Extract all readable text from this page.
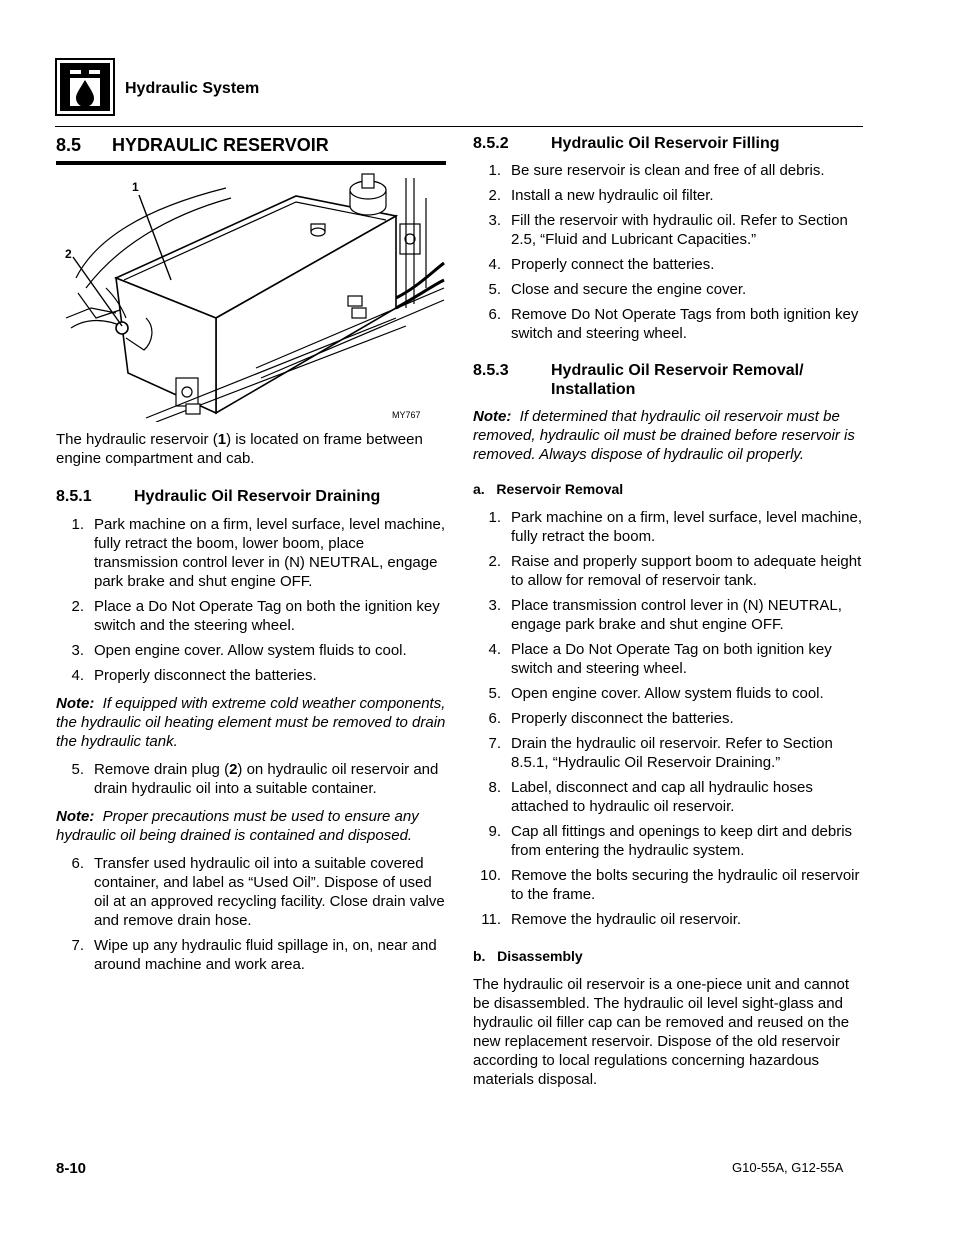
Hydraulic System
8.5	HYDRAULIC RESERVOIR
1
2
MY767

The hydraulic reservoir (1) is located on frame between engine compartment and cab.

8.5.1	Hydraulic Oil Reservoir Draining
1. Park machine on a firm, level surface, level machine, fully retract the boom, lower boom, place transmission control lever in (N) NEUTRAL, engage park brake and shut engine OFF.
2. Place a Do Not Operate Tag on both the ignition key switch and the steering wheel.
3. Open engine cover. Allow system fluids to cool.
4. Properly disconnect the batteries.

Note: If equipped with extreme cold weather components, the hydraulic oil heating element must be removed to drain the hydraulic tank.

5. Remove drain plug (2) on hydraulic oil reservoir and drain hydraulic oil into a suitable container.

Note: Proper precautions must be used to ensure any hydraulic oil being drained is contained and disposed.

6. Transfer used hydraulic oil into a suitable covered container, and label as “Used Oil”. Dispose of used oil at an approved recycling facility. Close drain valve and remove drain hose.
7. Wipe up any hydraulic fluid spillage in, on, near and around machine and work area.
8.5.2	Hydraulic Oil Reservoir Filling
1. Be sure reservoir is clean and free of all debris.
2. Install a new hydraulic oil filter.
3. Fill the reservoir with hydraulic oil. Refer to Section 2.5, “Fluid and Lubricant Capacities.”
4. Properly connect the batteries.
5. Close and secure the engine cover.
6. Remove Do Not Operate Tags from both ignition key switch and steering wheel.
8.5.3	Hydraulic Oil Reservoir Removal/
Installation

Note: If determined that hydraulic oil reservoir must be removed, hydraulic oil must be drained before reservoir is removed. Always dispose of hydraulic oil properly.

a.   Reservoir Removal

1. Park machine on a firm, level surface, level machine, fully retract the boom.
2. Raise and properly support boom to adequate height to allow for removal of reservoir tank.
3. Place transmission control lever in (N) NEUTRAL, engage park brake and shut engine OFF.
4. Place a Do Not Operate Tag on both ignition key switch and steering wheel.
5. Open engine cover. Allow system fluids to cool.
6. Properly disconnect the batteries.
7. Drain the hydraulic oil reservoir. Refer to Section 8.5.1, “Hydraulic Oil Reservoir Draining.”
8. Label, disconnect and cap all hydraulic hoses attached to hydraulic oil reservoir.
9. Cap all fittings and openings to keep dirt and debris from entering the hydraulic system.
10. Remove the bolts securing the hydraulic oil reservoir to the frame.
11. Remove the hydraulic oil reservoir.

b.   Disassembly

The hydraulic oil reservoir is a one-piece unit and cannot be disassembled. The hydraulic oil level sight-glass and hydraulic oil filler cap can be removed and reused on the new replacement reservoir. Dispose of the old reservoir according to local regulations concerning hazardous materials disposal.

8-10	G10-55A, G12-55A
